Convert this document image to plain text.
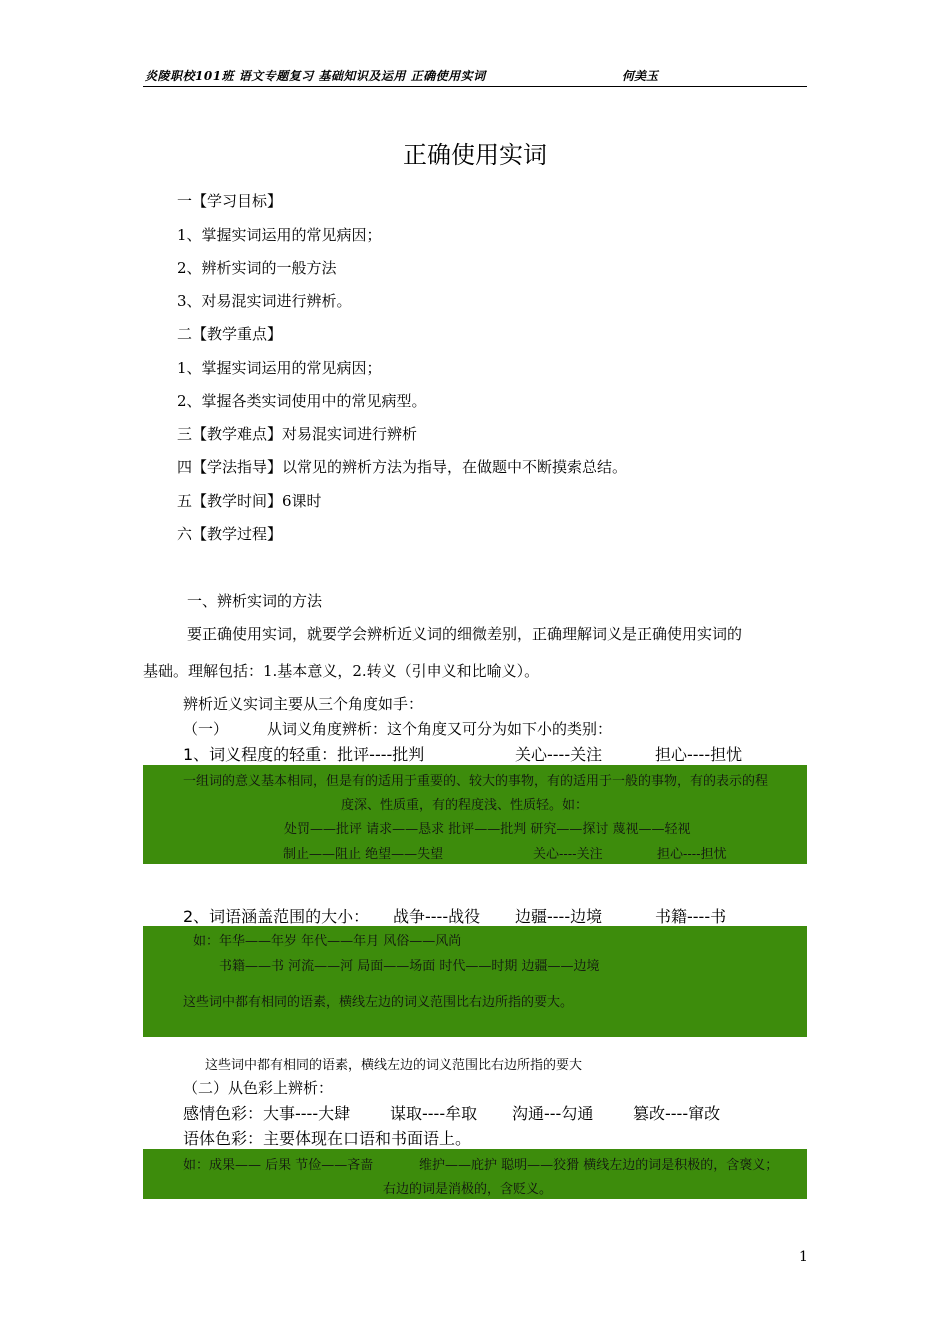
炎陵职校101班 语文专题复习 基础知识及运用 正确使用实词	何美玉
正确使用实词
一【学习目标】
1、掌握实词运用的常见病因；
2、辨析实词的一般方法
3、对易混实词进行辨析。
二【教学重点】
1、掌握实词运用的常见病因；
2、掌握各类实词使用中的常见病型。
三【教学难点】对易混实词进行辨析
四【学法指导】以常见的辨析方法为指导，在做题中不断摸索总结。
五【教学时间】6课时
六【教学过程】
一、辨析实词的方法
要正确使用实词，就要学会辨析近义词的细微差别，正确理解词义是正确使用实词的
基础。理解包括：1.基本意义，2.转义（引申义和比喻义）。
辨析近义实词主要从三个角度如手：
（一）	从词义角度辨析：这个角度又可分为如下小的类别：
1、词义程度的轻重：批评----批判	关心----关注	担心----担忧
一组词的意义基本相同，但是有的适用于重要的、较大的事物，有的适用于一般的事物，有的表示的程
度深、性质重，有的程度浅、性质轻。如：
处罚——批评 请求——恳求 批评——批判 研究——探讨 蔑视——轻视
制止——阻止 绝望——失望	关心----关注	担心----担忧
2、词语涵盖范围的大小： 战争----战役 边疆----边境	书籍----书
如：年华——年岁 年代——年月 风俗——风尚
书籍——书 河流——河 局面——场面 时代——时期 边疆——边境
这些词中都有相同的语素，横线左边的词义范围比右边所指的要大。
这些词中都有相同的语素，横线左边的词义范围比右边所指的要大
（二）从色彩上辨析：
感情色彩：大事----大肆 谋取----牟取 沟通---勾通 篡改----窜改
语体色彩：主要体现在口语和书面语上。
如：成果—— 后果 节俭——吝啬	维护——庇护 聪明——狡猾 横线左边的词是积极的，含褒义；
右边的词是消极的，含贬义。
1
